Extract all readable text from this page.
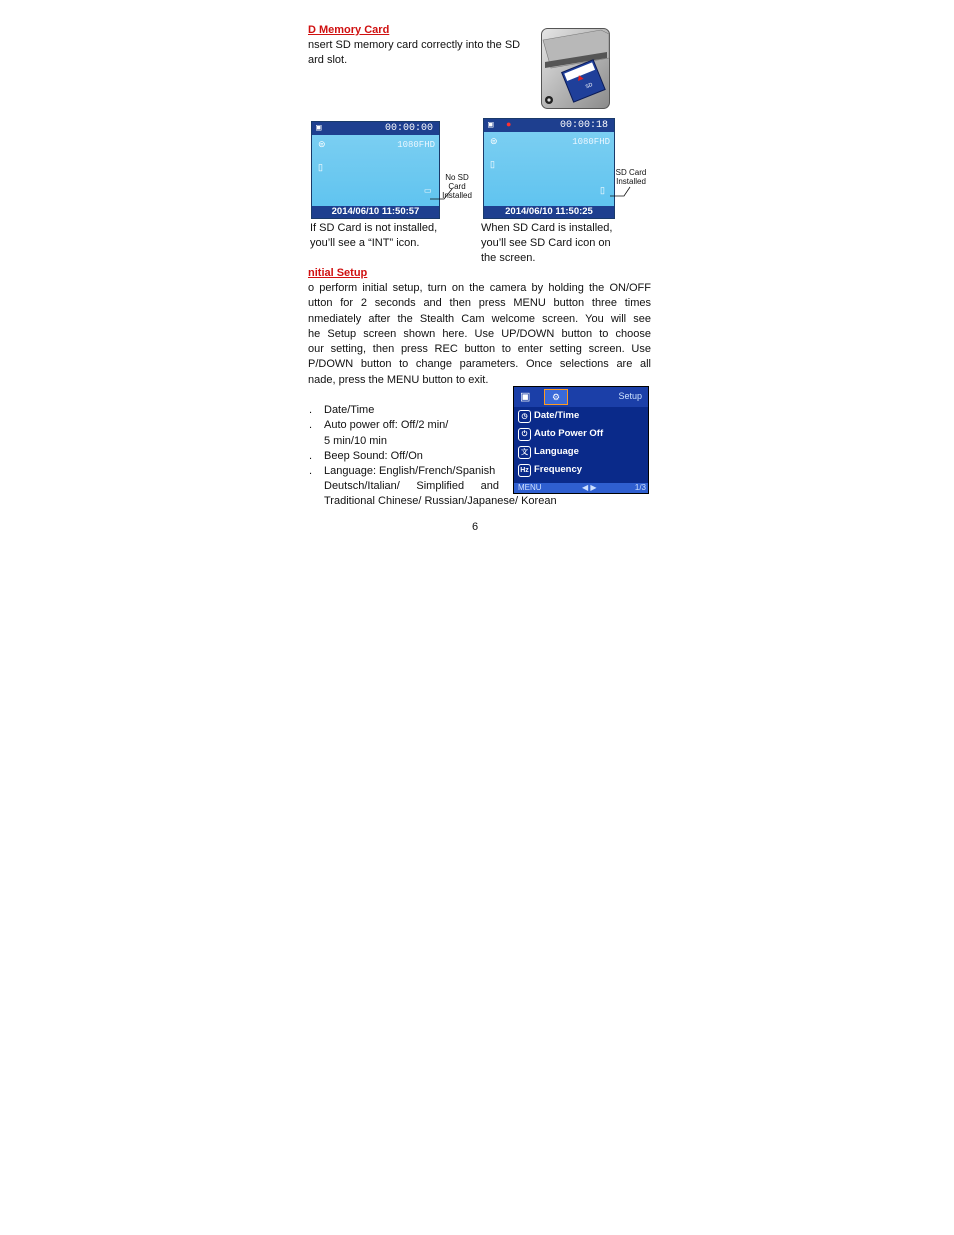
D Memory Card
nsert SD memory card correctly into the SD
ard slot.
SD
▣	00:00:00
⊜	1080FHD
▯
▭
2014/06/10 11:50:57
No SD Card
Installed
If SD Card is not installed,
you’ll see a “INT” icon.
▣ ●	00:00:18
⊜	1080FHD
▯
▯
2014/06/10 11:50:25
SD Card
Installed
When SD Card is installed,
you’ll see SD Card icon on
the screen.
nitial Setup
o perform initial setup, turn on the camera by holding the ON/OFF
utton for 2 seconds and then press MENU button three times
nmediately after the Stealth Cam welcome screen. You will see
he Setup screen shown here. Use UP/DOWN button to choose
our setting, then press REC button to enter setting screen. Use
P/DOWN button to change parameters. Once selections are all
nade, press the MENU button to exit.
. Date/Time
. Auto power off: Off/2 min/
5 min/10 min
. Beep Sound: Off/On
. Language: English/French/Spanish
Deutsch/Italian/ Simplified and
Traditional Chinese/ Russian/Japanese/ Korean
▣	⚙	Setup
◷ Date/Time
⏻ Auto Power Off
文 Language
Hz Frequency
MENU	◀ ▶	1/3
6
